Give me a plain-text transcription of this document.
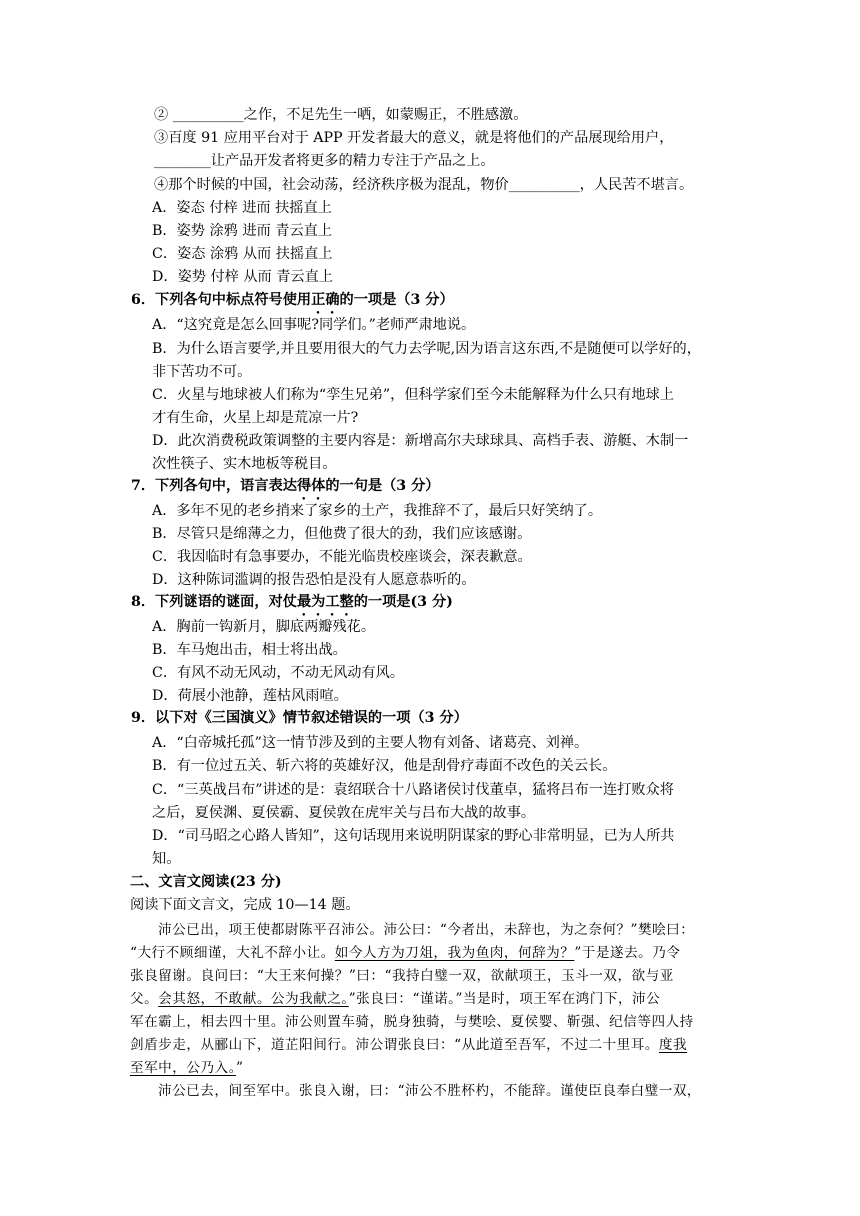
② __________之作，不足先生一哂，如蒙赐正，不胜感激。
③百度 91 应用平台对于 APP 开发者最大的意义，就是将他们的产品展现给用户，
________让产品开发者将更多的精力专注于产品之上。
④那个时候的中国，社会动荡，经济秩序极为混乱，物价__________，人民苦不堪言。
A．姿态 付梓 进而 扶摇直上
B．姿势 涂鸦 进而 青云直上
C．姿态 涂鸦 从而 扶摇直上
D．姿势 付梓 从而 青云直上
6．下列各句中标点符号使用正确的一项是（3 分）
A．“这究竟是怎么回事呢?同学们。”老师严肃地说。
B．为什么语言要学,并且要用很大的气力去学呢,因为语言这东西,不是随便可以学好的，
非下苦功不可。
C．火星与地球被人们称为“孪生兄弟”，但科学家们至今未能解释为什么只有地球上
才有生命，火星上却是荒凉一片?
D．此次消费税政策调整的主要内容是：新增高尔夫球球具、高档手表、游艇、木制一
次性筷子、实木地板等税目。
7．下列各句中，语言表达得体的一句是（3 分）
A．多年不见的老乡捎来了家乡的土产，我推辞不了，最后只好笑纳了。
B．尽管只是绵薄之力，但他费了很大的劲，我们应该感谢。
C．我因临时有急事要办，不能光临贵校座谈会，深表歉意。
D．这种陈词滥调的报告恐怕是没有人愿意恭听的。
8．下列谜语的谜面，对仗最为工整的一项是(3 分)
A．胸前一钩新月，脚底两瓣残花。
B．车马炮出击，相士将出战。
C．有风不动无风动，不动无风动有风。
D．荷展小池静，莲枯风雨喧。
9．以下对《三国演义》情节叙述错误的一项（3 分）
A．“白帝城托孤”这一情节涉及到的主要人物有刘备、诸葛亮、刘禅。
B．有一位过五关、斩六将的英雄好汉，他是刮骨疗毒面不改色的关云长。
C．“三英战吕布”讲述的是：袁绍联合十八路诸侯讨伐董卓，猛将吕布一连打败众将
之后，夏侯渊、夏侯霸、夏侯敦在虎牢关与吕布大战的故事。
D．“司马昭之心路人皆知”，这句话现用来说明阴谋家的野心非常明显，已为人所共
知。
二、文言文阅读(23 分)
阅读下面文言文，完成 10—14 题。
沛公已出，项王使都尉陈平召沛公。沛公曰：“今者出，未辞也，为之奈何？”樊哙曰：
“大行不顾细谨，大礼不辞小让。如今人方为刀俎，我为鱼肉，何辞为？”于是遂去。乃令
张良留谢。良问曰：“大王来何操？”曰：“我持白璧一双，欲献项王，玉斗一双，欲与亚
父。会其怒，不敢献。公为我献之。”张良曰：“谨诺。”当是时，项王军在鸿门下，沛公
军在霸上，相去四十里。沛公则置车骑，脱身独骑，与樊哙、夏侯婴、靳强、纪信等四人持
剑盾步走，从郦山下，道芷阳间行。沛公谓张良曰：“从此道至吾军，不过二十里耳。度我
至军中，公乃入。”
沛公已去，间至军中。张良入谢，曰：“沛公不胜杯杓，不能辞。谨使臣良奉白璧一双，
